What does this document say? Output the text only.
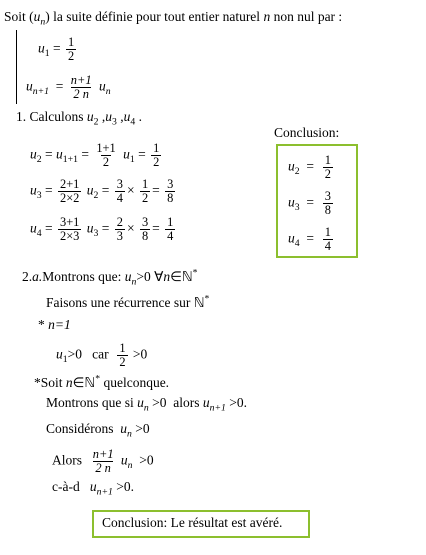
Soit $(u_n)$ la suite définie pour tout entier naturel n non nul par :
$u_1 = \frac{1}{2}$
$u_{n+1} = \frac{n+1}{2 n} u_n$
1. Calculons $u_2$ $,u_3$ $,u_4$ .
$u_2 = u_{1+1} = \frac{1+1}{2} u_1 = \frac{1}{2}$
$u_3 = \frac{2+1}{2\times 2} u_2 = \frac{3}{4} \times \frac{1}{2} = \frac{3}{8}$
$u_4 = \frac{3+1}{2\times 3} u_3 = \frac{2}{3} \times \frac{3}{8} = \frac{1}{4}$
Conclusion:
$u_2 = \frac{1}{2}$
$u_3 = \frac{3}{8}$
$u_4 = \frac{1}{4}$
2.a.Montrons que: $u_n>0$ ∀n∈ℕ*
Faisons une récurrence sur ℕ*
* n=1
$u_1>0$   car $\frac{1}{2} >0$
*Soit n∈ℕ* quelconque.
Montrons que si $u_n >0$  alors $u_{n+1} >0$.
Considérons $u_n >0$
Alors $\frac{n+1}{2 n} u_n >0$
c-à-d $u_{n+1} >0$.
Conclusion: Le résultat est avéré.
